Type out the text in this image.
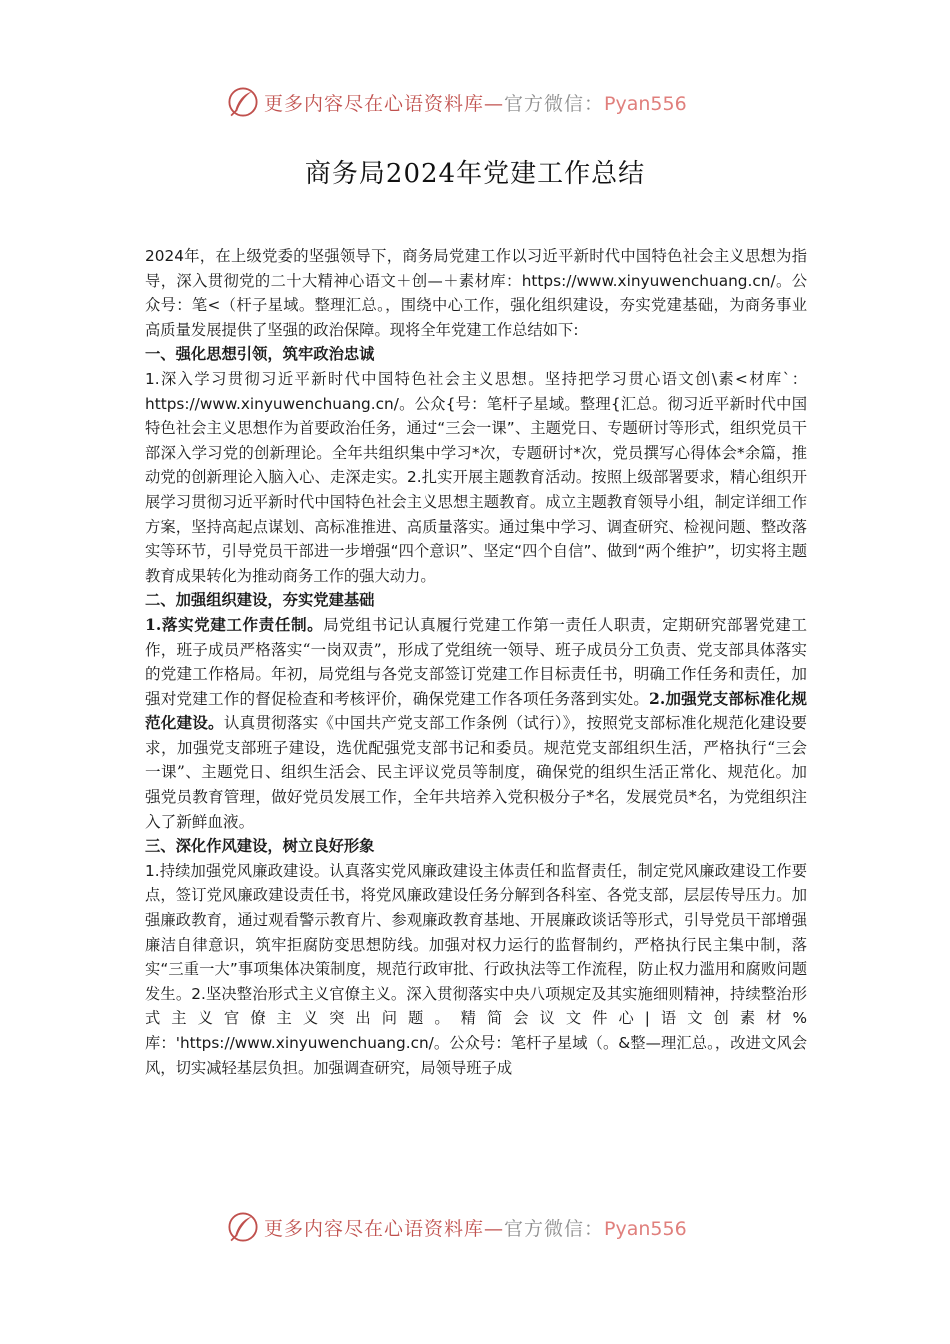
更多内容尽在心语资料库—官方微信：Pyan556
商务局2024年党建工作总结

2024年，在上级党委的坚强领导下，商务局党建工作以习近平新时代中国特色社会主义思想为指导，深入贯彻党的二十大精神心语文＋创—＋素材库：https://www.xinyuwenchuang.cn/。公众号：笔<（杆子星域。整理汇总。，围绕中心工作，强化组织建设，夯实党建基础，为商务事业高质量发展提供了坚强的政治保障。现将全年党建工作总结如下:

一、强化思想引领，筑牢政治忠诚

1.深入学习贯彻习近平新时代中国特色社会主义思想。坚持把学习贯心语文创\素<材库`：https://www.xinyuwenchuang.cn/。公众{号：笔杆子星域。整理{汇总。彻习近平新时代中国特色社会主义思想作为首要政治任务，通过“三会一课”、主题党日、专题研讨等形式，组织党员干部深入学习党的创新理论。全年共组织集中学习*次，专题研讨*次，党员撰写心得体会*余篇，推动党的创新理论入脑入心、走深走实。2.扎实开展主题教育活动。按照上级部署要求，精心组织开展学习贯彻习近平新时代中国特色社会主义思想主题教育。成立主题教育领导小组，制定详细工作方案，坚持高起点谋划、高标准推进、高质量落实。通过集中学习、调查研究、检视问题、整改落实等环节，引导党员干部进一步增强“四个意识”、坚定“四个自信”、做到“两个维护”，切实将主题教育成果转化为推动商务工作的强大动力。

二、加强组织建设，夯实党建基础

1.落实党建工作责任制。局党组书记认真履行党建工作第一责任人职责，定期研究部署党建工作，班子成员严格落实“一岗双责”，形成了党组统一领导、班子成员分工负责、党支部具体落实的党建工作格局。年初，局党组与各党支部签订党建工作目标责任书，明确工作任务和责任，加强对党建工作的督促检查和考核评价，确保党建工作各项任务落到实处。2.加强党支部标准化规范化建设。认真贯彻落实《中国共产党支部工作条例（试行）》，按照党支部标准化规范化建设要求，加强党支部班子建设，选优配强党支部书记和委员。规范党支部组织生活，严格执行“三会一课”、主题党日、组织生活会、民主评议党员等制度，确保党的组织生活正常化、规范化。加强党员教育管理，做好党员发展工作，全年共培养入党积极分子*名，发展党员*名，为党组织注入了新鲜血液。

三、深化作风建设，树立良好形象

1.持续加强党风廉政建设。认真落实党风廉政建设主体责任和监督责任，制定党风廉政建设工作要点，签订党风廉政建设责任书，将党风廉政建设任务分解到各科室、各党支部，层层传导压力。加强廉政教育，通过观看警示教育片、参观廉政教育基地、开展廉政谈话等形式，引导党员干部增强廉洁自律意识，筑牢拒腐防变思想防线。加强对权力运行的监督制约，严格执行民主集中制，落实“三重一大”事项集体决策制度，规范行政审批、行政执法等工作流程，防止权力滥用和腐败问题发生。2.坚决整治形式主义官僚主义。深入贯彻落实中央八项规定及其实施细则精神，持续整治形式主义官僚主义突出问题。精简会议文件心|语文创素材%库：'https://www.xinyuwenchuang.cn/。公众号：笔杆子星域（。&整—理汇总。，改进文风会风，切实减轻基层负担。加强调查研究，局领导班子成

更多内容尽在心语资料库—官方微信：Pyan556
